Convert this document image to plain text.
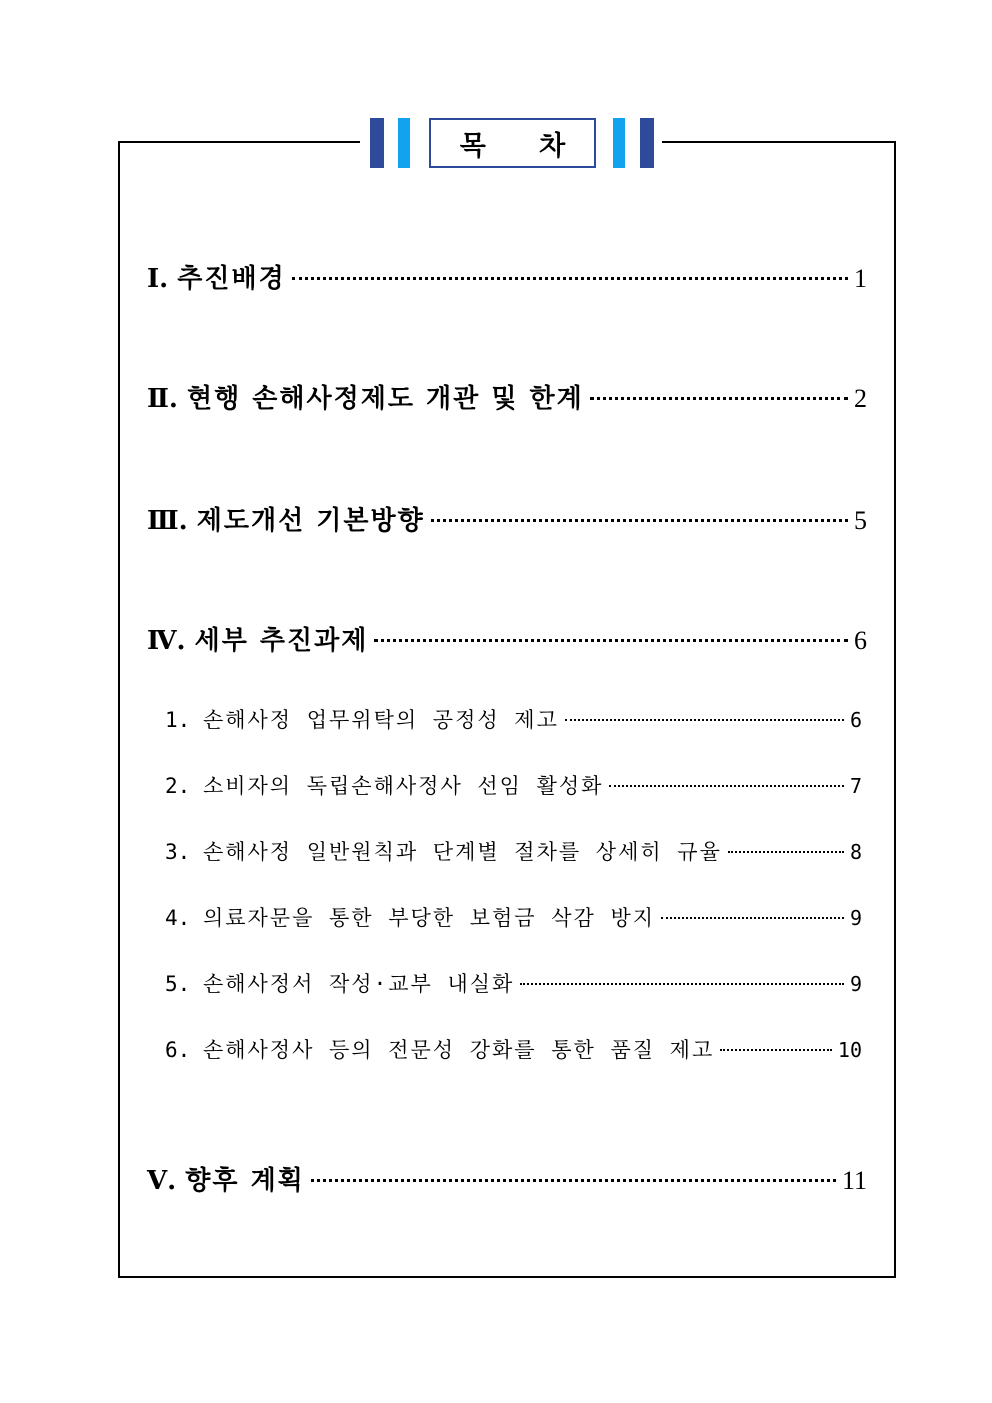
목 차
Ⅰ. 추진배경	1
Ⅱ. 현행 손해사정제도 개관 및 한계	2
Ⅲ. 제도개선 기본방향	5
Ⅳ. 세부 추진과제	6
1. 손해사정 업무위탁의 공정성 제고	6
2. 소비자의 독립손해사정사 선임 활성화	7
3. 손해사정 일반원칙과 단계별 절차를 상세히 규율	8
4. 의료자문을 통한 부당한 보험금 삭감 방지	9
5. 손해사정서 작성·교부 내실화	9
6. 손해사정사 등의 전문성 강화를 통한 품질 제고	10
Ⅴ. 향후 계획	11
